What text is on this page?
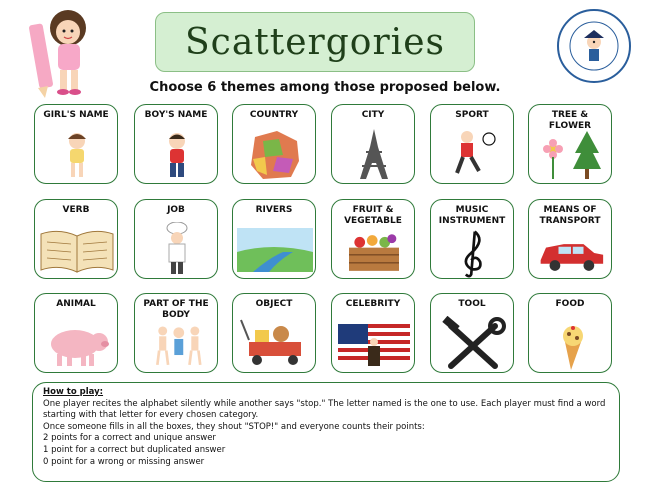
Scattergories
Choose 6 themes among those proposed below.
GIRL'S NAME	BOY'S NAME	COUNTRY	CITY	SPORT	TREE & FLOWER
VERB	JOB	RIVERS	FRUIT & VEGETABLE
MUSIC INSTRUMENT
MEANS OF TRANSPORT
ANIMAL	PART OF THE BODY
OBJECT	CELEBRITY	TOOL	FOOD
How to play:
One player recites the alphabet silently while another says "stop." The letter named is the one to use. Each player must find a word starting with that letter for every chosen category.
Once someone fills in all the boxes, they shout "STOP!" and everyone counts their points:
2 points for a correct and unique answer
1 point for a correct but duplicated answer
0 point for a wrong or missing answer
